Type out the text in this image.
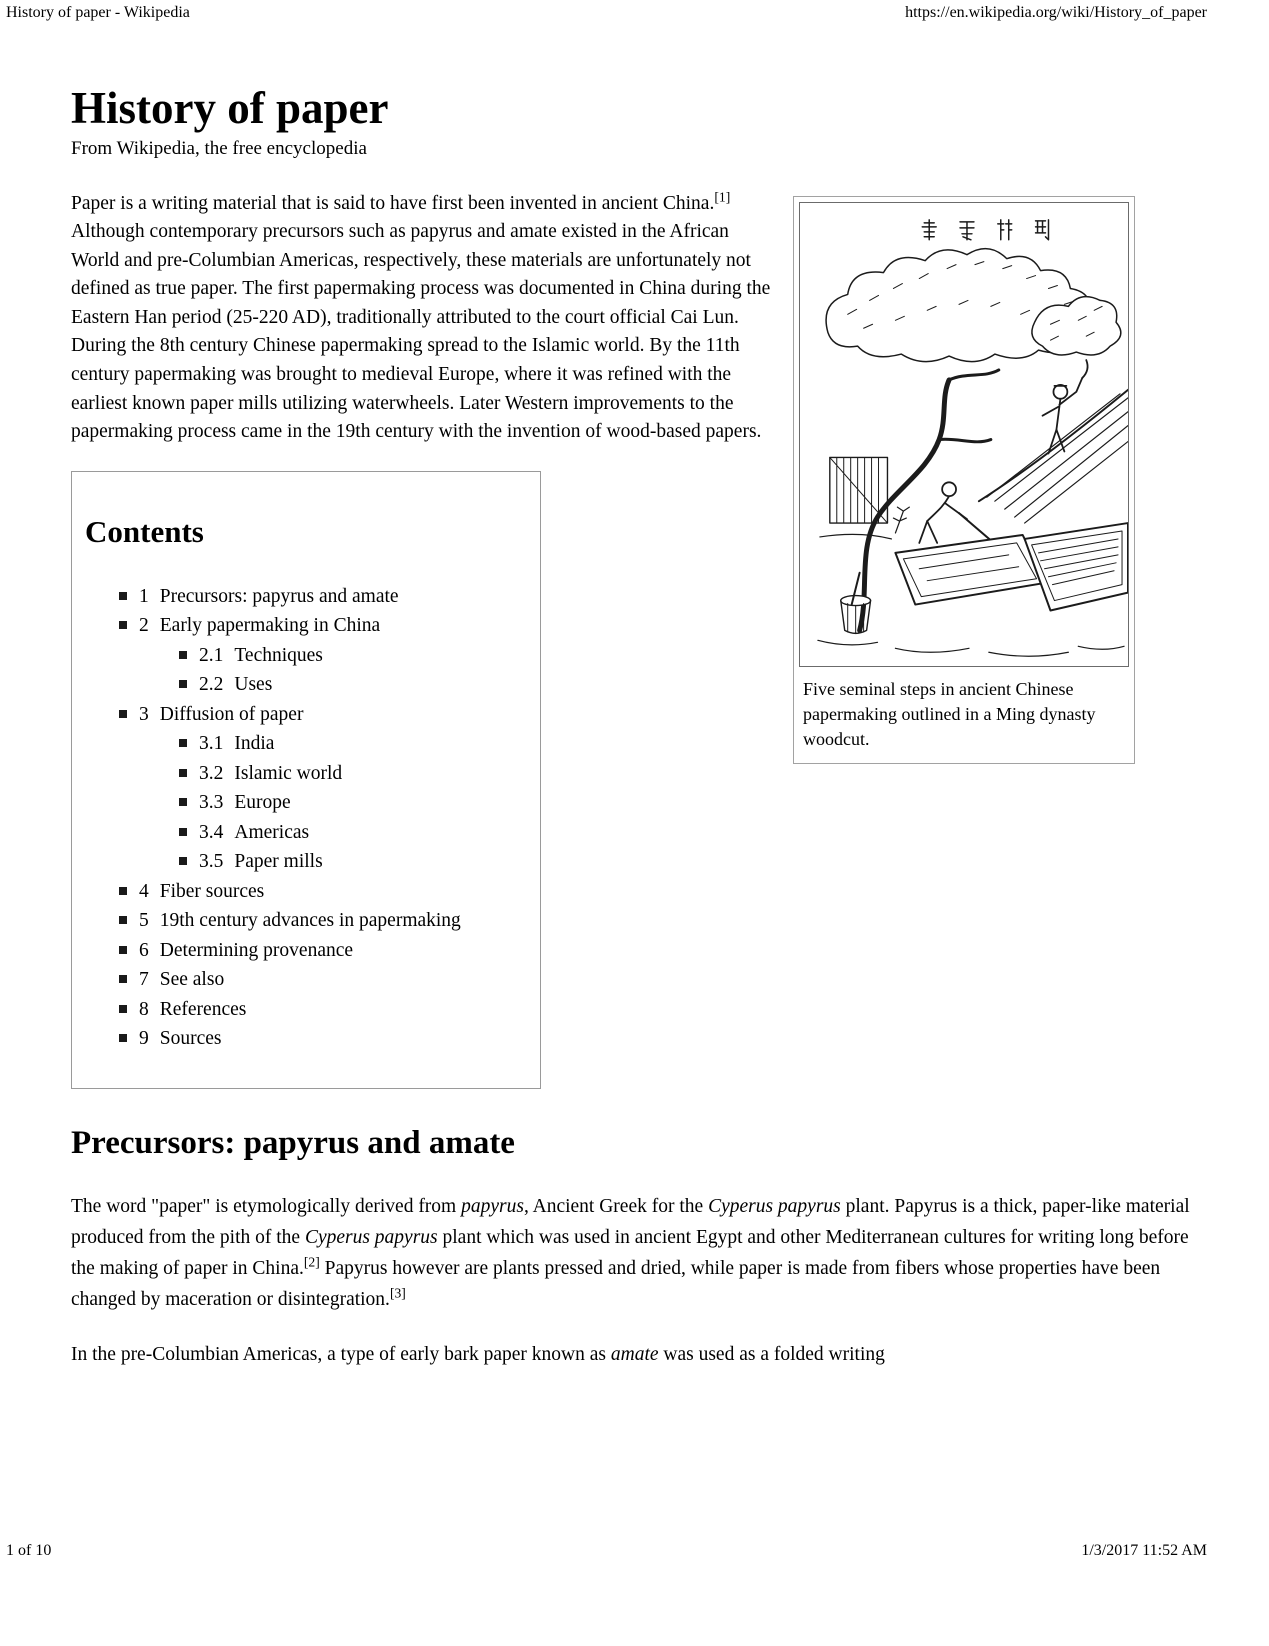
History of paper - Wikipedia	https://en.wikipedia.org/wiki/History_of_paper
History of paper
From Wikipedia, the free encyclopedia
Five seminal steps in ancient Chinese papermaking outlined in a Ming dynasty woodcut.
Paper is a writing material that is said to have first been invented in ancient China.[1] Although contemporary precursors such as papyrus and amate existed in the African World and pre-Columbian Americas, respectively, these materials are unfortunately not defined as true paper. The first papermaking process was documented in China during the Eastern Han period (25-220 AD), traditionally attributed to the court official Cai Lun. During the 8th century Chinese papermaking spread to the Islamic world. By the 11th century papermaking was brought to medieval Europe, where it was refined with the earliest known paper mills utilizing waterwheels. Later Western improvements to the papermaking process came in the 19th century with the invention of wood-based papers.
Contents
1 Precursors: papyrus and amate
2 Early papermaking in China
2.1 Techniques
2.2 Uses
3 Diffusion of paper
3.1 India
3.2 Islamic world
3.3 Europe
3.4 Americas
3.5 Paper mills
4 Fiber sources
5 19th century advances in papermaking
6 Determining provenance
7 See also
8 References
9 Sources
Precursors: papyrus and amate
The word "paper" is etymologically derived from papyrus, Ancient Greek for the Cyperus papyrus plant. Papyrus is a thick, paper-like material produced from the pith of the Cyperus papyrus plant which was used in ancient Egypt and other Mediterranean cultures for writing long before the making of paper in China.[2] Papyrus however are plants pressed and dried, while paper is made from fibers whose properties have been changed by maceration or disintegration.[3]
In the pre-Columbian Americas, a type of early bark paper known as amate was used as a folded writing
1 of 10	1/3/2017 11:52 AM
